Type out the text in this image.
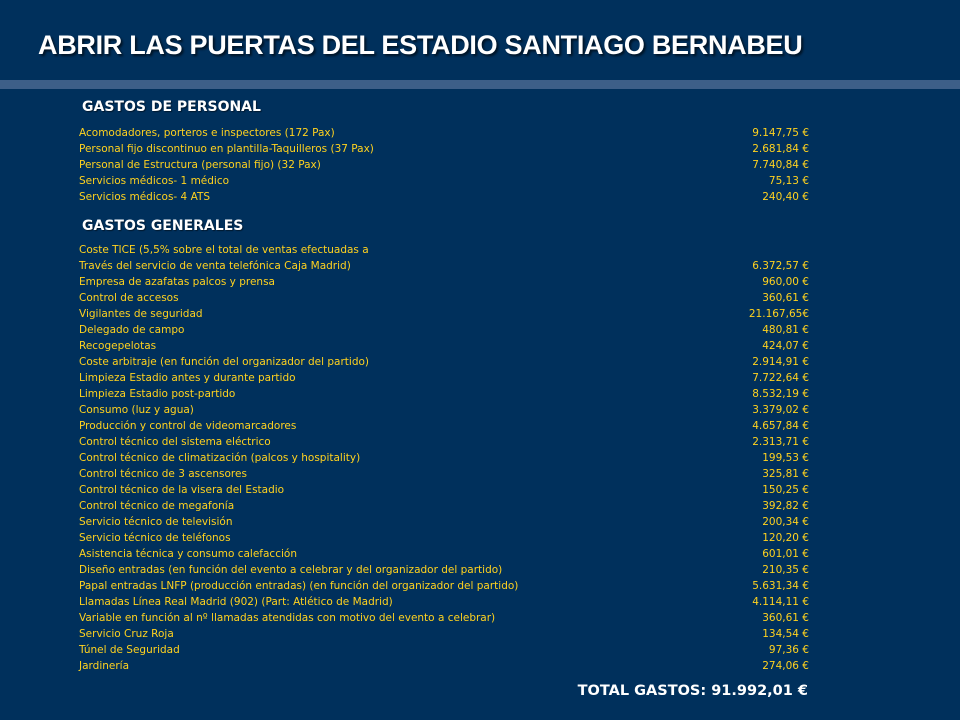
ABRIR LAS PUERTAS DEL ESTADIO SANTIAGO BERNABEU
GASTOS DE PERSONAL
Acomodadores, porteros e inspectores (172 Pax)	9.147,75 €
Personal fijo discontinuo en plantilla-Taquilleros (37 Pax)	2.681,84 €
Personal de Estructura (personal fijo) (32 Pax)	7.740,84 €
Servicios médicos- 1 médico	75,13 €
Servicios médicos- 4 ATS	240,40 €
GASTOS GENERALES
Coste TICE (5,5% sobre el total de ventas efectuadas a
Través del servicio de venta telefónica Caja Madrid)	6.372,57 €
Empresa de azafatas palcos y prensa	960,00 €
Control de accesos	360,61 €
Vigilantes de seguridad	21.167,65€
Delegado de campo	480,81 €
Recogepelotas	424,07 €
Coste arbitraje (en función del organizador del partido)	2.914,91 €
Limpieza Estadio antes y durante partido	7.722,64 €
Limpieza Estadio post-partido	8.532,19 €
Consumo (luz y agua)	3.379,02 €
Producción y control de videomarcadores	4.657,84 €
Control técnico del sistema eléctrico	2.313,71 €
Control técnico de climatización (palcos y hospitality)	199,53 €
Control técnico de 3 ascensores	325,81 €
Control técnico de la visera del Estadio	150,25 €
Control técnico de megafonía	392,82 €
Servicio técnico de televisión	200,34 €
Servicio técnico de teléfonos	120,20 €
Asistencia técnica y consumo calefacción	601,01 €
Diseño entradas (en función del evento a celebrar y del organizador del partido)	210,35 €
Papal entradas LNFP (producción entradas) (en función del organizador del partido)	5.631,34 €
Llamadas Línea Real Madrid (902) (Part: Atlético de Madrid)	4.114,11 €
Variable en función al nº llamadas atendidas con motivo del evento a celebrar)	360,61 €
Servicio Cruz Roja	134,54 €
Túnel de Seguridad	97,36 €
Jardinería	274,06 €
TOTAL GASTOS: 91.992,01 €
